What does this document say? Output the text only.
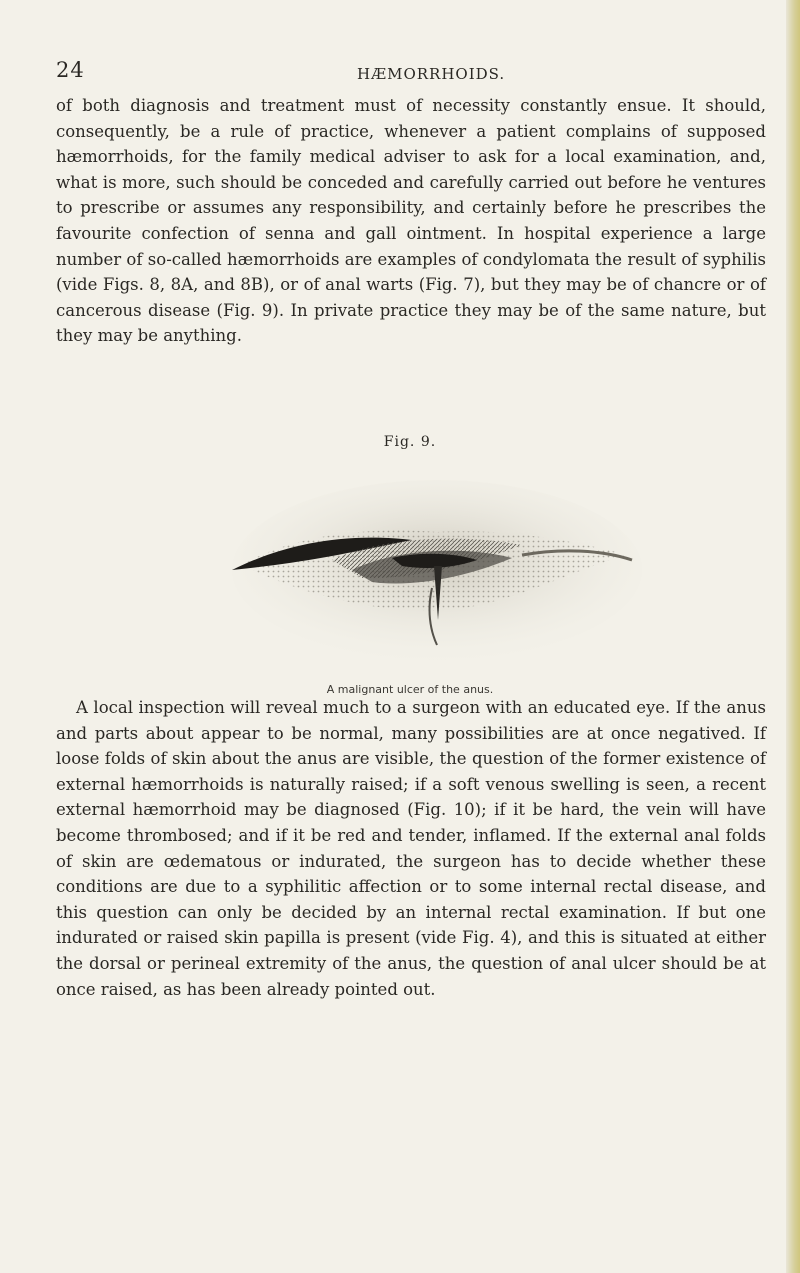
24	HÆMORRHOIDS.

of both diagnosis and treatment must of necessity constantly ensue. It should, consequently, be a rule of practice, whenever a patient complains of supposed hæmorrhoids, for the family medical adviser to ask for a local examination, and, what is more, such should be conceded and carefully carried out before he ventures to prescribe or assumes any responsibility, and certainly before he prescribes the favourite confection of senna and gall ointment. In hospital experience a large number of so-called hæmorrhoids are examples of condylomata the result of syphilis (vide Figs. 8, 8A, and 8B), or of anal warts (Fig. 7), but they may be of chancre or of cancerous disease (Fig. 9). In private practice they may be of the same nature, but they may be anything.

Fig. 9.
A malignant ulcer of the anus.

A local inspection will reveal much to a surgeon with an educated eye. If the anus and parts about appear to be normal, many possibilities are at once negatived. If loose folds of skin about the anus are visible, the question of the former existence of external hæmorrhoids is naturally raised; if a soft venous swelling is seen, a recent external hæmorrhoid may be diagnosed (Fig. 10); if it be hard, the vein will have become thrombosed; and if it be red and tender, inflamed. If the external anal folds of skin are œdematous or indurated, the surgeon has to decide whether these conditions are due to a syphilitic affection or to some internal rectal disease, and this question can only be decided by an internal rectal examination. If but one indurated or raised skin papilla is present (vide Fig. 4), and this is situated at either the dorsal or perineal extremity of the anus, the question of anal ulcer should be at once raised, as has been already pointed out.
